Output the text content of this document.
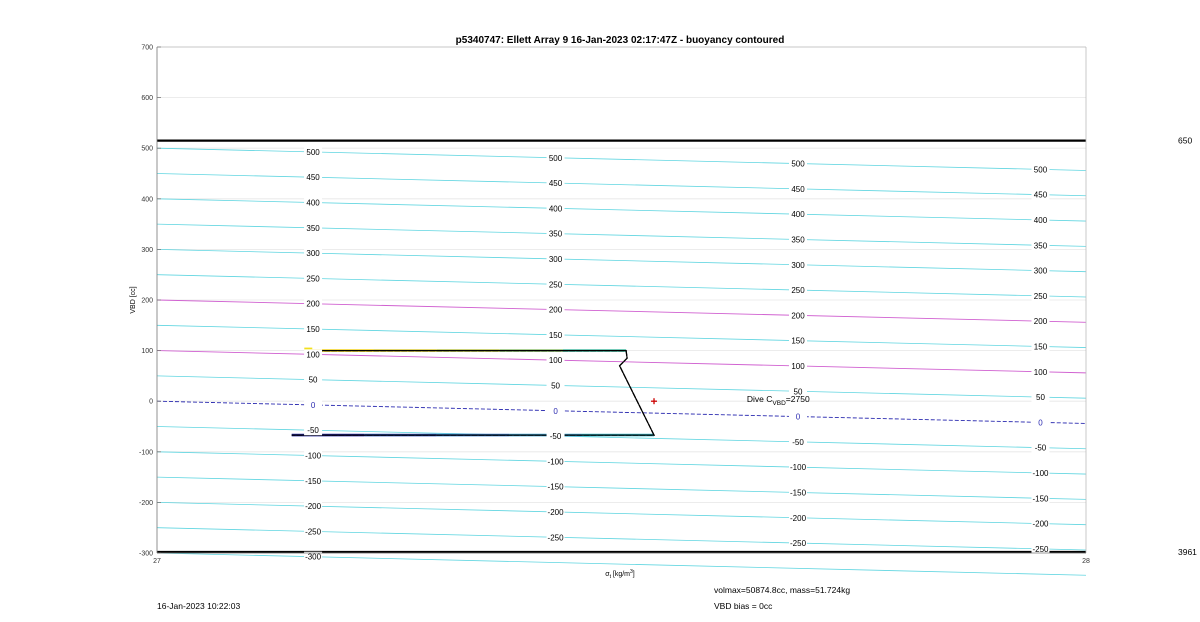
650
3961
-300
-250
-200
-150
-100
-50
0
50
100
150
200
250
300
350
400
450
500
-250
-200
-150
-100
-50
0
50
100
150
200
250
300
350
400
450
500
-250
-200
-150
-100
-50
0
50
100
150
200
250
300
350
400
450
500
-250
-200
-150
-100
-50
0
50
100
150
200
250
300
350
400
450
500
-300
-200
-100
0
100
200
300
400
500
600
700
27	28
p5340747: Ellett Array 9 16-Jan-2023 02:17:47Z - buoyancy contoured
VBD [cc]
$\sigma_t$ $[kg/m^3]$
Dive $C_{VBD}=2750$
16-Jan-2023 10:22:03
volmax=50874.8cc, mass=51.724kg
VBD bias = 0cc
